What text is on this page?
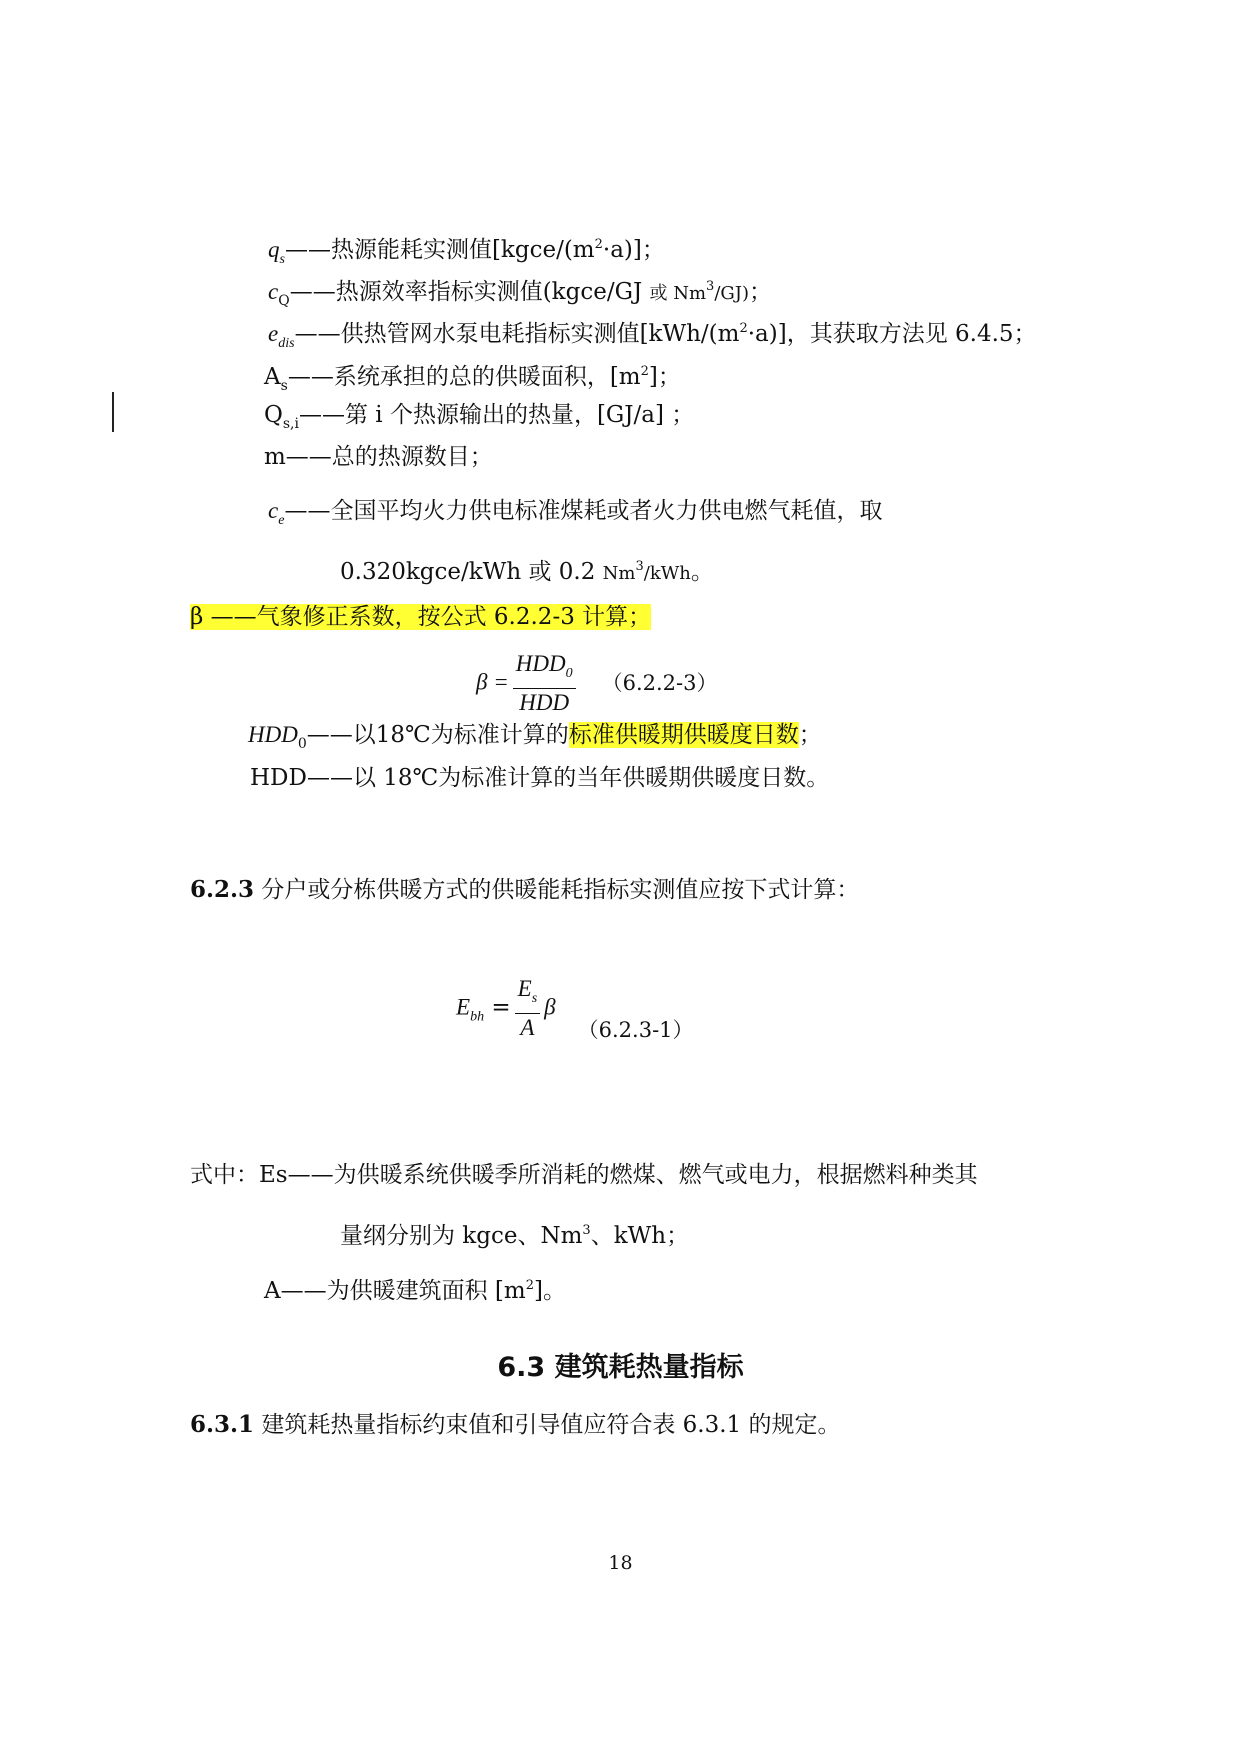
$q_s——$热源能耗实测值$[kgce/(m^2\cdot a)]$；
$c_Q——$热源效率指标实测值(kgce/GJ 或 Nm$^3$/GJ)；
$e_{dis}——$供热管网水泵电耗指标实测值$[kWh/(m^2\cdot a)]$，其获取方法见 6.4.5；
$A_s——$系统承担的总的供暖面积，$[m^2]$；
$Q_{s,i}——$第 i 个热源输出的热量，[GJ/a] ；
m——总的热源数目；
$c_e——$全国平均火力供电标准煤耗或者火力供电燃气耗值，取
0.320kgce/kWh 或 0.2 Nm$^3$/kWh。
β ——气象修正系数，按公式 6.2.2-3 计算；
$\beta = \frac{HDD_0}{\text{HDD}} (6.2.2-3)$
$HDD_0——$以18℃为标准计算的标准供暖期供暖度日数；
HDD——以 18℃为标准计算的当年供暖期供暖度日数。
6.2.3 分户或分栋供暖方式的供暖能耗指标实测值应按下式计算：
$E_{bh} = \frac{E_s}{A} \beta(6.2.3-1)$
式中：Es——为供暖系统供暖季所消耗的燃煤、燃气或电力，根据燃料种类其
量纲分别为 kgce、Nm$^3$、kWh；
A——为供暖建筑面积 $[m^2]$。
6.3 建筑耗热量指标
6.3.1 建筑耗热量指标约束值和引导值应符合表 6.3.1 的规定。
18
